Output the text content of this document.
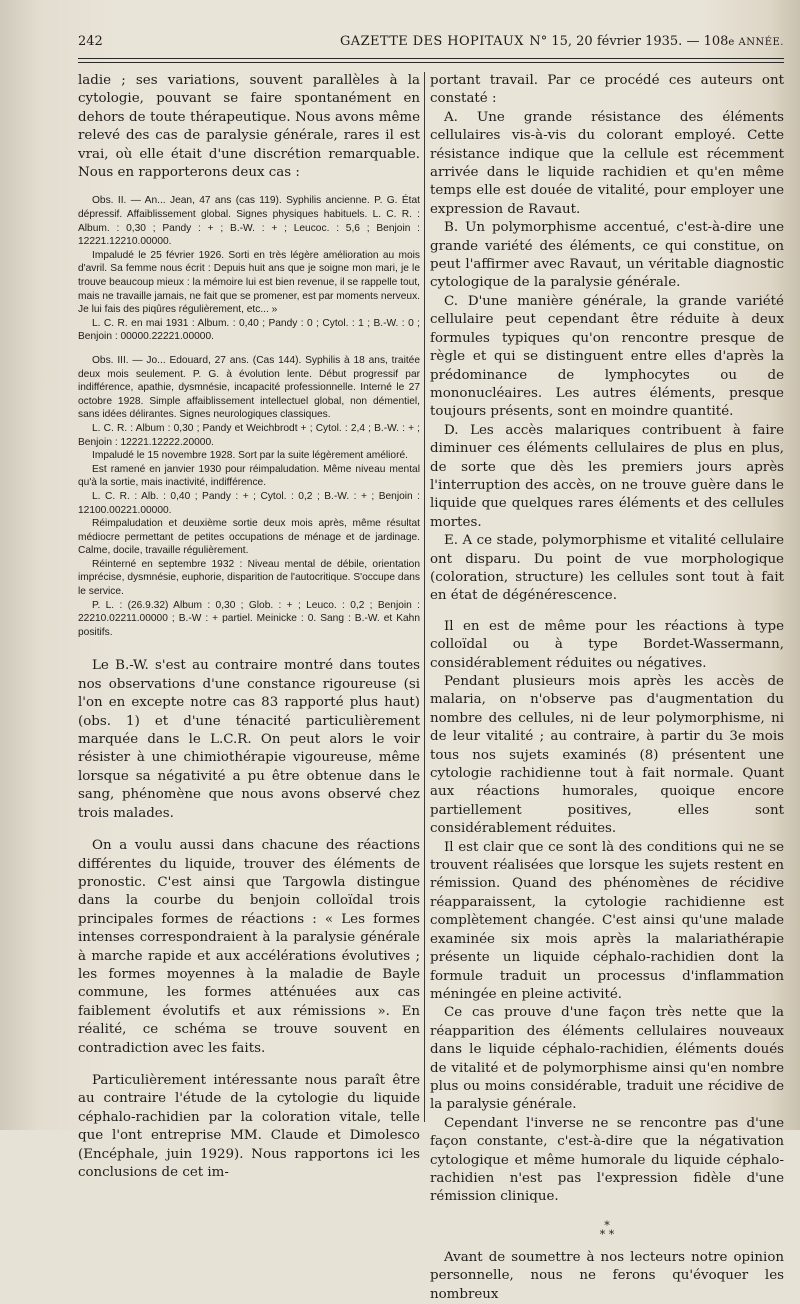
242	GAZETTE DES HOPITAUX N° 15, 20 février 1935. — 108e ANNÉE.

ladie ; ses variations, souvent parallèles à la cytologie, pouvant se faire spontanément en dehors de toute thérapeutique. Nous avons même relevé des cas de paralysie générale, rares il est vrai, où elle était d'une discrétion remarquable. Nous en rapporterons deux cas :

Obs. II. — An... Jean, 47 ans (cas 119). Syphilis ancienne. P. G. État dépressif. Affaiblissement global. Signes physiques habituels. L. C. R. : Album. : 0,30 ; Pandy : + ; B.-W. : + ; Leucoc. : 5,6 ; Benjoin : 12221.12210.00000.

Impaludé le 25 février 1926. Sorti en très légère amélioration au mois d'avril. Sa femme nous écrit : Depuis huit ans que je soigne mon mari, je le trouve beaucoup mieux : la mémoire lui est bien revenue, il se rappelle tout, mais ne travaille jamais, ne fait que se promener, est par moments nerveux. Je lui fais des piqûres régulièrement, etc... »

L. C. R. en mai 1931 : Album. : 0,40 ; Pandy : 0 ; Cytol. : 1 ; B.-W. : 0 ; Benjoin : 00000.22221.00000.

Obs. III. — Jo... Edouard, 27 ans. (Cas 144). Syphilis à 18 ans, traitée deux mois seulement. P. G. à évolution lente. Début progressif par indifférence, apathie, dysmnésie, incapacité professionnelle. Interné le 27 octobre 1928. Simple affaiblissement intellectuel global, non démentiel, sans idées délirantes. Signes neurologiques classiques.

L. C. R. : Album : 0,30 ; Pandy et Weichbrodt + ; Cytol. : 2,4 ; B.-W. : + ; Benjoin : 12221.12222.20000.

Impaludé le 15 novembre 1928. Sort par la suite légèrement amélioré.

Est ramené en janvier 1930 pour réimpaludation. Même niveau mental qu'à la sortie, mais inactivité, indifférence.

L. C. R. : Alb. : 0,40 ; Pandy : + ; Cytol. : 0,2 ; B.-W. : + ; Benjoin : 12100.00221.00000.

Réimpaludation et deuxième sortie deux mois après, même résultat médiocre permettant de petites occupations de ménage et de jardinage. Calme, docile, travaille régulièrement.

Réinterné en septembre 1932 : Niveau mental de débile, orientation imprécise, dysmnésie, euphorie, disparition de l'autocritique. S'occupe dans le service.

P. L. : (26.9.32) Album : 0,30 ; Glob. : + ; Leuco. : 0,2 ; Benjoin : 22210.02211.00000 ; B.-W : + partiel. Meinicke : 0. Sang : B.-W. et Kahn positifs.

Le B.-W. s'est au contraire montré dans toutes nos observations d'une constance rigoureuse (si l'on en excepte notre cas 83 rapporté plus haut) (obs. 1) et d'une ténacité particulièrement marquée dans le L.C.R. On peut alors le voir résister à une chimiothérapie vigoureuse, même lorsque sa négativité a pu être obtenue dans le sang, phénomène que nous avons observé chez trois malades.

On a voulu aussi dans chacune des réactions différentes du liquide, trouver des éléments de pronostic. C'est ainsi que Targowla distingue dans la courbe du benjoin colloïdal trois principales formes de réactions : « Les formes intenses correspondraient à la paralysie générale à marche rapide et aux accélérations évolutives ; les formes moyennes à la maladie de Bayle commune, les formes atténuées aux cas faiblement évolutifs et aux rémissions ». En réalité, ce schéma se trouve souvent en contradiction avec les faits.

Particulièrement intéressante nous paraît être au contraire l'étude de la cytologie du liquide céphalo-rachidien par la coloration vitale, telle que l'ont entreprise MM. Claude et Dimolesco (Encéphale, juin 1929). Nous rapportons ici les conclusions de cet im-

portant travail. Par ce procédé ces auteurs ont constaté :

A. Une grande résistance des éléments cellulaires vis-à-vis du colorant employé. Cette résistance indique que la cellule est récemment arrivée dans le liquide rachidien et qu'en même temps elle est douée de vitalité, pour employer une expression de Ravaut.

B. Un polymorphisme accentué, c'est-à-dire une grande variété des éléments, ce qui constitue, on peut l'affirmer avec Ravaut, un véritable diagnostic cytologique de la paralysie générale.

C. D'une manière générale, la grande variété cellulaire peut cependant être réduite à deux formules typiques qu'on rencontre presque de règle et qui se distinguent entre elles d'après la prédominance de lymphocytes ou de mononucléaires. Les autres éléments, presque toujours présents, sont en moindre quantité.

D. Les accès malariques contribuent à faire diminuer ces éléments cellulaires de plus en plus, de sorte que dès les premiers jours après l'interruption des accès, on ne trouve guère dans le liquide que quelques rares éléments et des cellules mortes.

E. A ce stade, polymorphisme et vitalité cellulaire ont disparu. Du point de vue morphologique (coloration, structure) les cellules sont tout à fait en état de dégénérescence.

Il en est de même pour les réactions à type colloïdal ou à type Bordet-Wassermann, considérablement réduites ou négatives.

Pendant plusieurs mois après les accès de malaria, on n'observe pas d'augmentation du nombre des cellules, ni de leur polymorphisme, ni de leur vitalité ; au contraire, à partir du 3e mois tous nos sujets examinés (8) présentent une cytologie rachidienne tout à fait normale. Quant aux réactions humorales, quoique encore partiellement positives, elles sont considérablement réduites.

Il est clair que ce sont là des conditions qui ne se trouvent réalisées que lorsque les sujets restent en rémission. Quand des phénomènes de récidive réapparaissent, la cytologie rachidienne est complètement changée. C'est ainsi qu'une malade examinée six mois après la malariathérapie présente un liquide céphalo-rachidien dont la formule traduit un processus d'inflammation méningée en pleine activité.

Ce cas prouve d'une façon très nette que la réapparition des éléments cellulaires nouveaux dans le liquide céphalo-rachidien, éléments doués de vitalité et de polymorphisme ainsi qu'en nombre plus ou moins considérable, traduit une récidive de la paralysie générale.

Cependant l'inverse ne se rencontre pas d'une façon constante, c'est-à-dire que la négativation cytologique et même humorale du liquide céphalo-rachidien n'est pas l'expression fidèle d'une rémission clinique.

*
* *

Avant de soumettre à nos lecteurs notre opinion personnelle, nous ne ferons qu'évoquer les nombreux
